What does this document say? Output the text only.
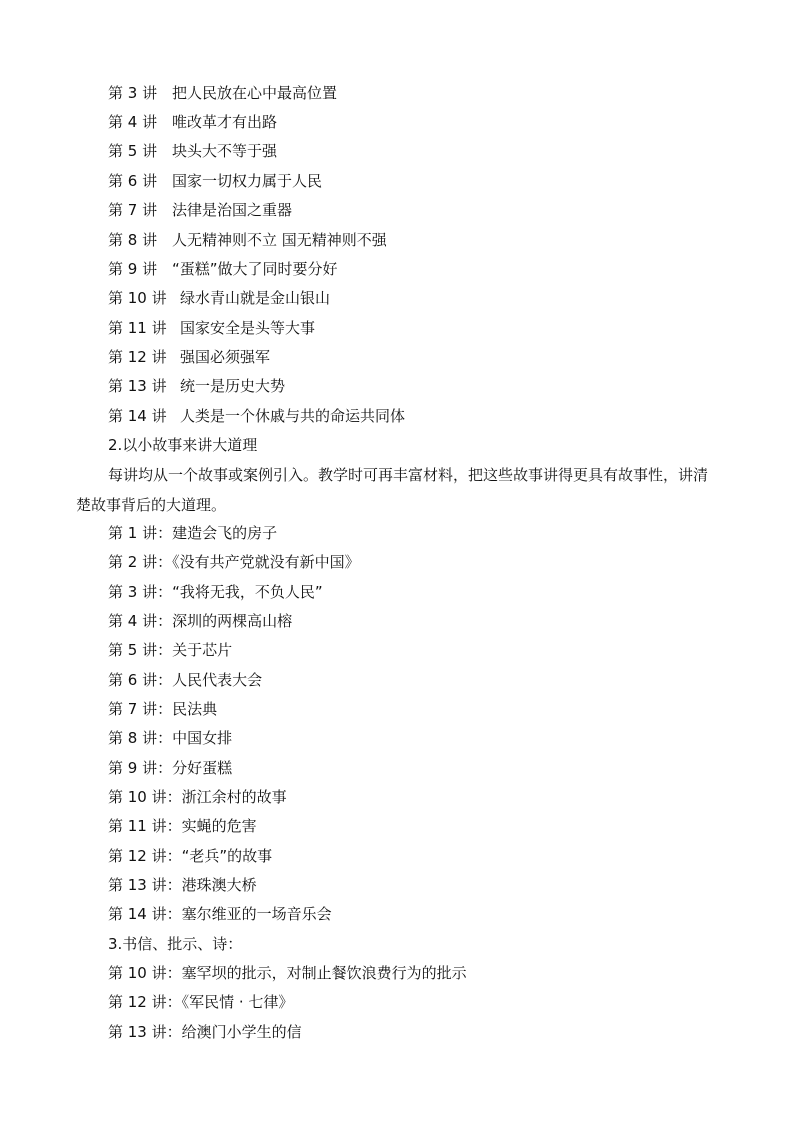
第 3 讲 把人民放在心中最高位置
第 4 讲 唯改革才有出路
第 5 讲 块头大不等于强
第 6 讲 国家一切权力属于人民
第 7 讲 法律是治国之重器
第 8 讲 人无精神则不立 国无精神则不强
第 9 讲 “蛋糕”做大了同时要分好
第 10 讲 绿水青山就是金山银山
第 11 讲 国家安全是头等大事
第 12 讲 强国必须强军
第 13 讲 统一是历史大势
第 14 讲 人类是一个休戚与共的命运共同体
2.以小故事来讲大道理
每讲均从一个故事或案例引入。教学时可再丰富材料，把这些故事讲得更具有故事性，讲清楚故事背后的大道理。
第 1 讲：建造会飞的房子
第 2 讲：《没有共产党就没有新中国》
第 3 讲：“我将无我，不负人民”
第 4 讲：深圳的两棵高山榕
第 5 讲：关于芯片
第 6 讲：人民代表大会
第 7 讲：民法典
第 8 讲：中国女排
第 9 讲：分好蛋糕
第 10 讲：浙江余村的故事
第 11 讲：实蝇的危害
第 12 讲：“老兵”的故事
第 13 讲：港珠澳大桥
第 14 讲：塞尔维亚的一场音乐会
3.书信、批示、诗：
第 10 讲：塞罕坝的批示，对制止餐饮浪费行为的批示
第 12 讲：《军民情 · 七律》
第 13 讲：给澳门小学生的信
